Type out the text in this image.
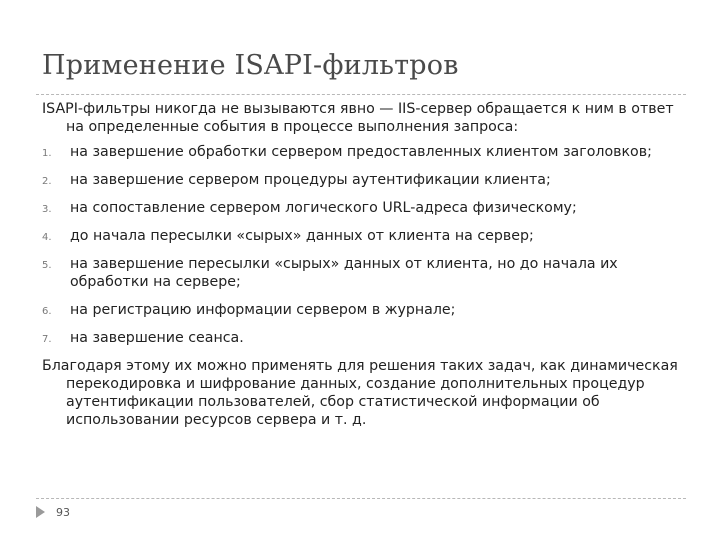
Применение ISAPI-фильтров

ISAPI-фильтры никогда не вызываются явно — IIS-сервер обращается к ним в ответ на определенные события в процессе выполнения запроса:

1. на завершение обработки сервером предоставленных клиентом заголовков;
2. на завершение сервером процедуры аутентификации клиента;
3. на сопоставление сервером логического URL-адреса физическому;
4. до начала пересылки «сырых» данных от клиента на сервер;
5. на завершение пересылки «сырых» данных от клиента, но до начала их обработки на сервере;
6. на регистрацию информации сервером в журнале;
7. на завершение сеанса.

Благодаря этому их можно применять для решения таких задач, как динамическая перекодировка и шифрование данных, создание дополнительных процедур аутентификации пользователей, сбор статистической информации об использовании ресурсов сервера и т. д.

93
